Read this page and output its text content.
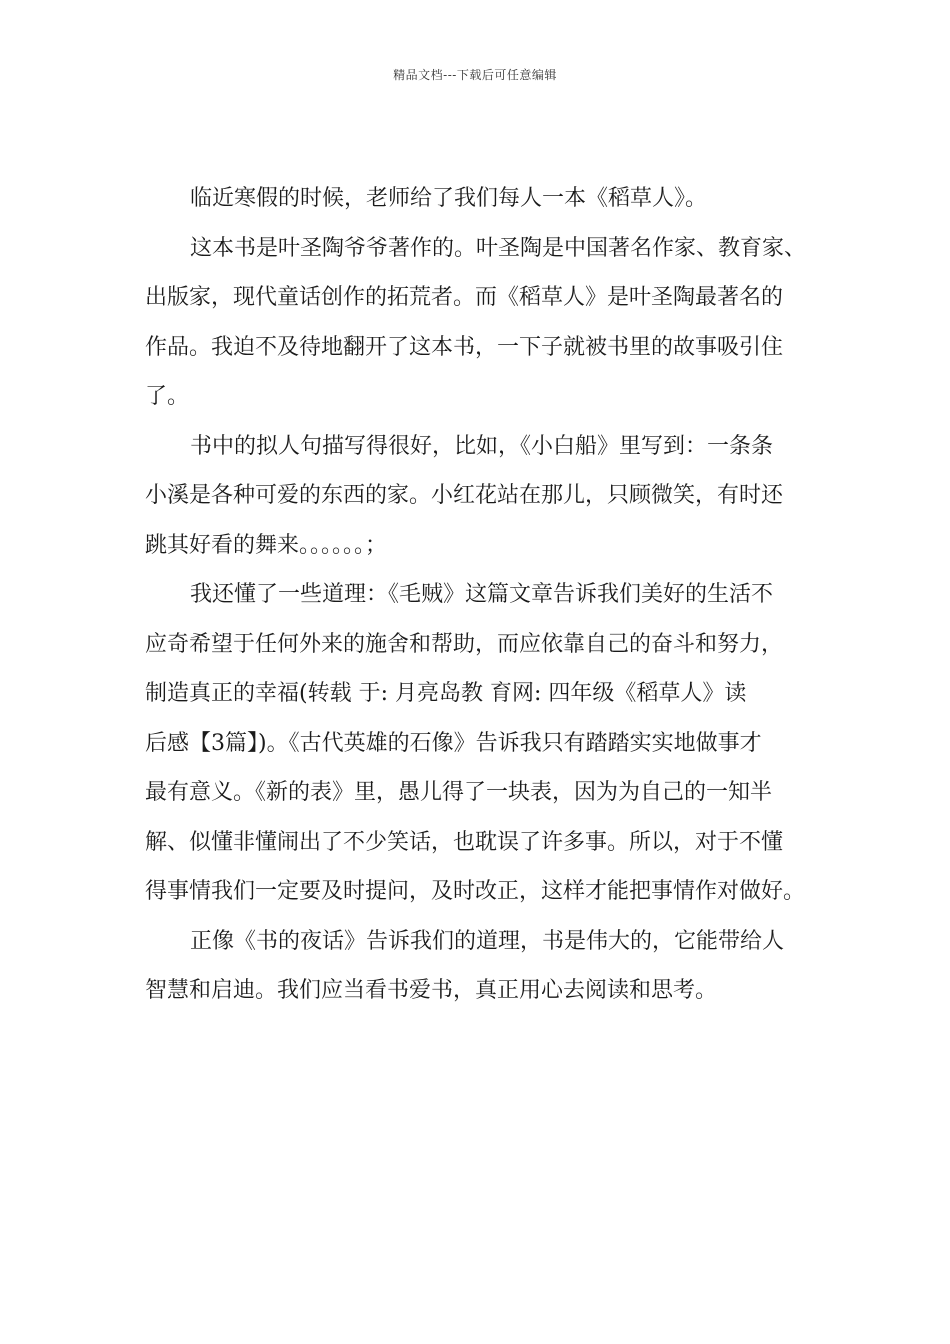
精品文档---下载后可任意编辑
临近寒假的时候，老师给了我们每人一本《稻草人》。
这本书是叶圣陶爷爷著作的。叶圣陶是中国著名作家、教育家、
出版家，现代童话创作的拓荒者。而《稻草人》是叶圣陶最著名的
作品。我迫不及待地翻开了这本书，一下子就被书里的故事吸引住
了。
书中的拟人句描写得很好，比如，《小白船》里写到：一条条
小溪是各种可爱的东西的家。小红花站在那儿，只顾微笑，有时还
跳其好看的舞来。。。。。。；
我还懂了一些道理：《毛贼》这篇文章告诉我们美好的生活不
应奇希望于任何外来的施舍和帮助，而应依靠自己的奋斗和努力，
制造真正的幸福(转载 于: 月亮岛教 育网: 四年级《稻草人》读
后感【3篇】)。《古代英雄的石像》告诉我只有踏踏实实地做事才
最有意义。《新的表》里，愚儿得了一块表，因为为自己的一知半
解、似懂非懂闹出了不少笑话，也耽误了许多事。所以，对于不懂
得事情我们一定要及时提问，及时改正，这样才能把事情作对做好。
正像《书的夜话》告诉我们的道理，书是伟大的，它能带给人
智慧和启迪。我们应当看书爱书，真正用心去阅读和思考。
